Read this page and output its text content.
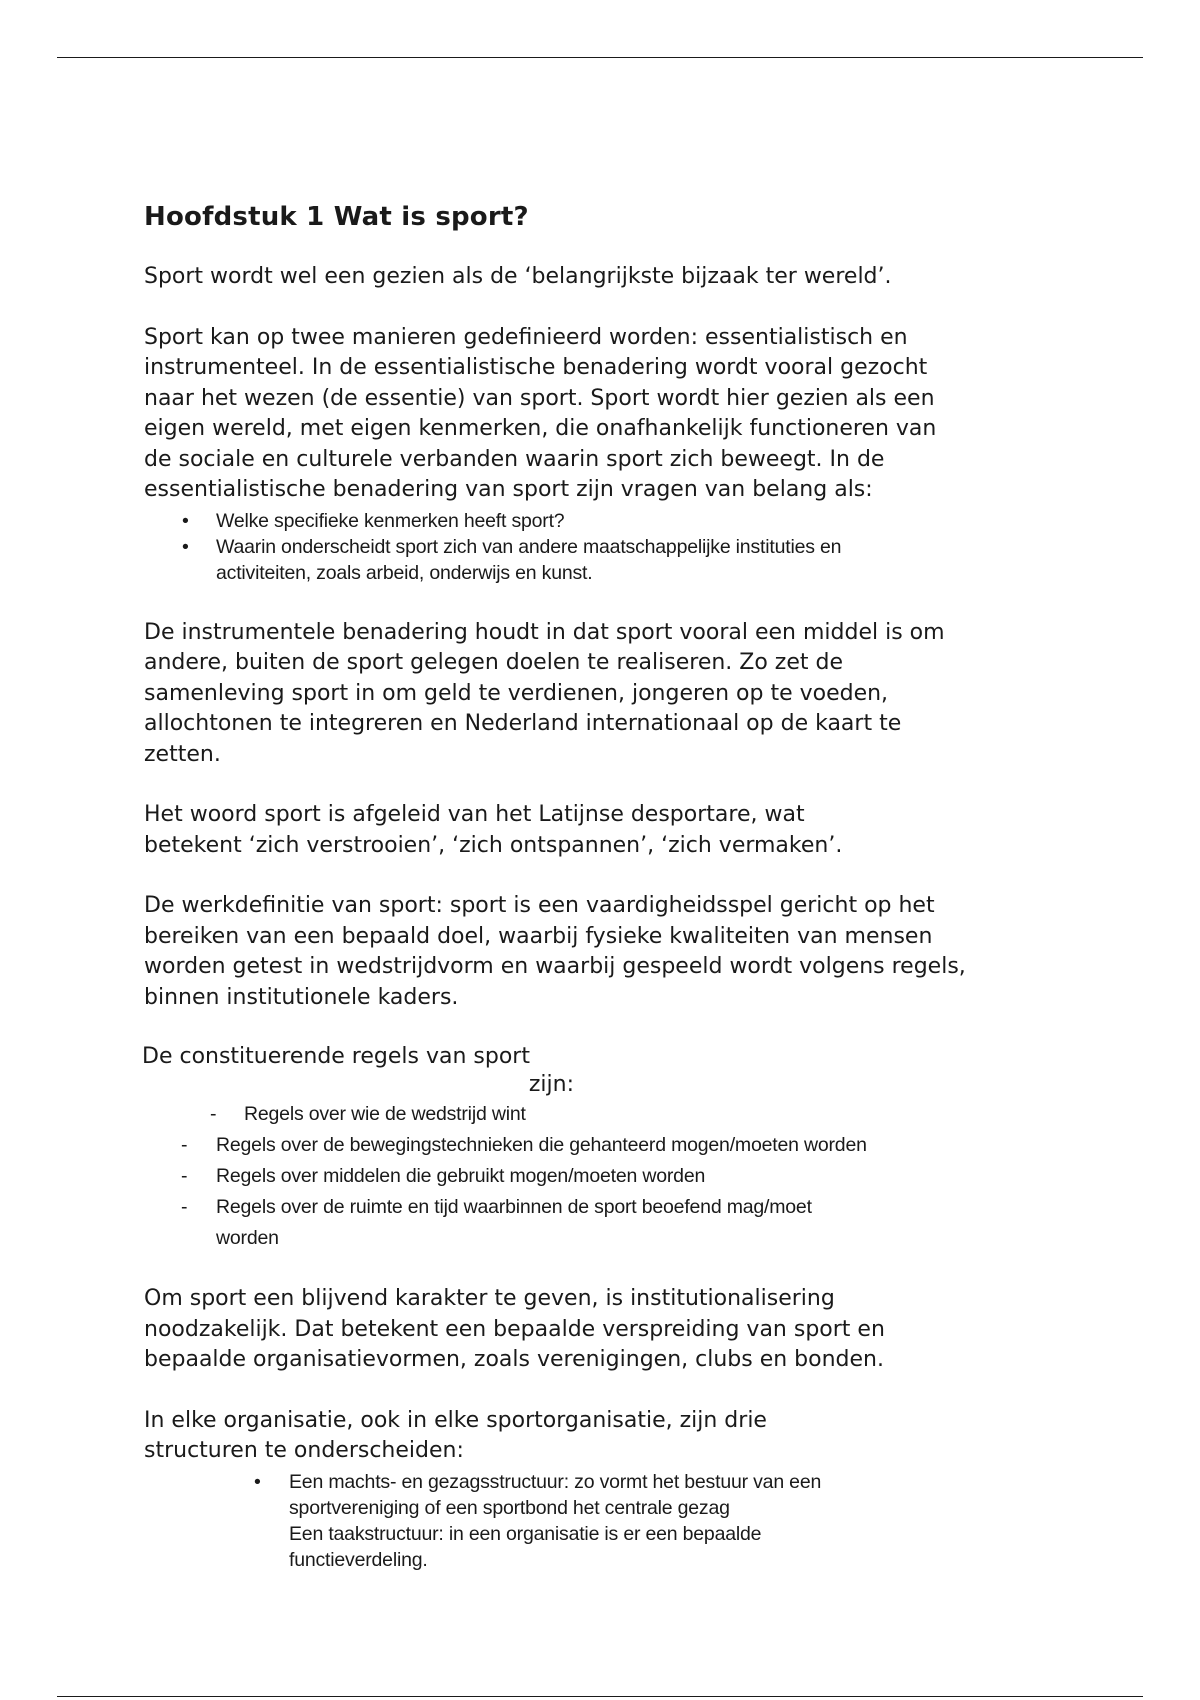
Hoofdstuk 1 Wat is sport?

Sport wordt wel een gezien als de ‘belangrijkste bijzaak ter wereld’.

Sport kan op twee manieren gedefinieerd worden: essentialistisch en

instrumenteel. In de essentialistische benadering wordt vooral gezocht

naar het wezen (de essentie) van sport. Sport wordt hier gezien als een

eigen wereld, met eigen kenmerken, die onafhankelijk functioneren van

de sociale en culturele verbanden waarin sport zich beweegt. In de

essentialistische benadering van sport zijn vragen van belang als:

• Welke specifieke kenmerken heeft sport?
• Waarin onderscheidt sport zich van andere maatschappelijke instituties en
activiteiten, zoals arbeid, onderwijs en kunst.

De instrumentele benadering houdt in dat sport vooral een middel is om

andere, buiten de sport gelegen doelen te realiseren. Zo zet de

samenleving sport in om geld te verdienen, jongeren op te voeden,

allochtonen te integreren en Nederland internationaal op de kaart te

zetten.

Het woord sport is afgeleid van het Latijnse desportare, wat

betekent ‘zich verstrooien’, ‘zich ontspannen’, ‘zich vermaken’.

De werkdefinitie van sport: sport is een vaardigheidsspel gericht op het

bereiken van een bepaald doel, waarbij fysieke kwaliteiten van mensen

worden getest in wedstrijdvorm en waarbij gespeeld wordt volgens regels,

binnen institutionele kaders.

De constituerende regels van sport
zijn:
- Regels over wie de wedstrijd wint
- Regels over de bewegingstechnieken die gehanteerd mogen/moeten worden
- Regels over middelen die gebruikt mogen/moeten worden
- Regels over de ruimte en tijd waarbinnen de sport beoefend mag/moet
worden

Om sport een blijvend karakter te geven, is institutionalisering

noodzakelijk. Dat betekent een bepaalde verspreiding van sport en

bepaalde organisatievormen, zoals verenigingen, clubs en bonden.

In elke organisatie, ook in elke sportorganisatie, zijn drie

structuren te onderscheiden:

• Een machts- en gezagsstructuur: zo vormt het bestuur van een
sportvereniging of een sportbond het centrale gezag
Een taakstructuur: in een organisatie is er een bepaalde
functieverdeling.
